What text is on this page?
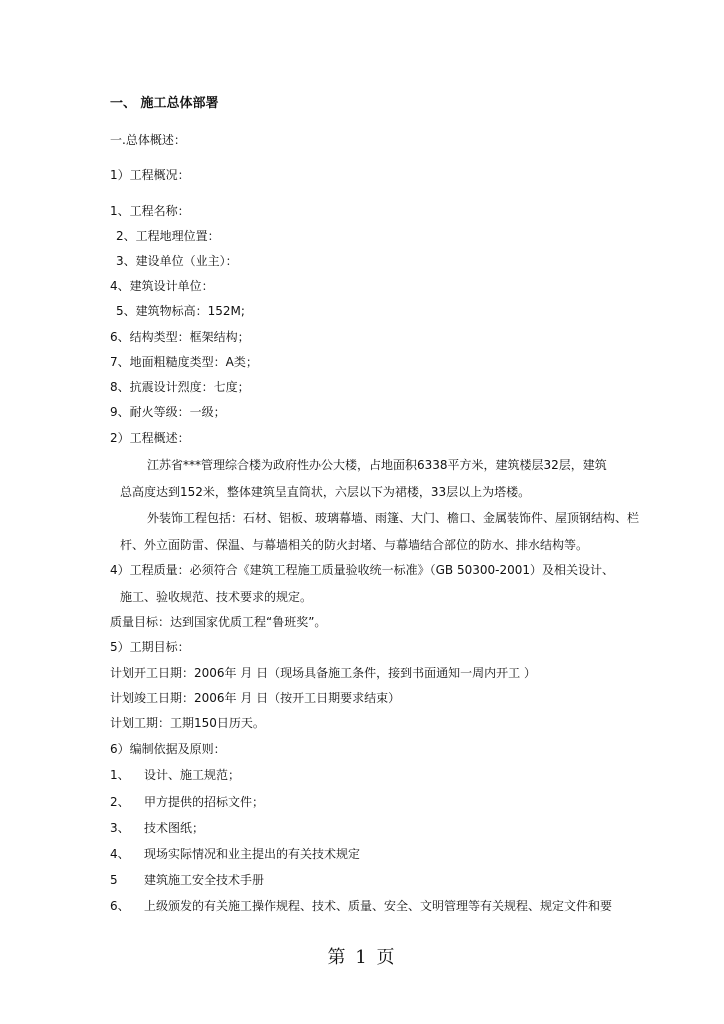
一、 施工总体部署
一.总体概述：
1）工程概况：
1、工程名称：
2、工程地理位置：
3、建设单位（业主）：
4、建筑设计单位：
5、建筑物标高：152M;
6、结构类型：框架结构；
7、地面粗糙度类型：A类；
8、抗震设计烈度：七度；
9、耐火等级：一级；
2）工程概述：
江苏省***管理综合楼为政府性办公大楼，占地面积6338平方米，建筑楼层32层，建筑
总高度达到152米，整体建筑呈直筒状，六层以下为裙楼，33层以上为塔楼。
外装饰工程包括：石材、铝板、玻璃幕墙、雨篷、大门、檐口、金属装饰件、屋顶钢结构、栏
杆、外立面防雷、保温、与幕墙相关的防火封堵、与幕墙结合部位的防水、排水结构等。
4）工程质量：必须符合《建筑工程施工质量验收统一标准》（GB 50300-2001）及相关设计、
施工、验收规范、技术要求的规定。
质量目标：达到国家优质工程“鲁班奖”。
5）工期目标：
计划开工日期：2006年 月 日（现场具备施工条件，接到书面通知一周内开工 ）
计划竣工日期：2006年 月 日（按开工日期要求结束）
计划工期：工期150日历天。
6）编制依据及原则：
1、 设计、施工规范；
2、 甲方提供的招标文件；
3、 技术图纸；
4、 现场实际情况和业主提出的有关技术规定
5 建筑施工安全技术手册
6、 上级颁发的有关施工操作规程、技术、质量、安全、文明管理等有关规程、规定文件和要
第 1 页
